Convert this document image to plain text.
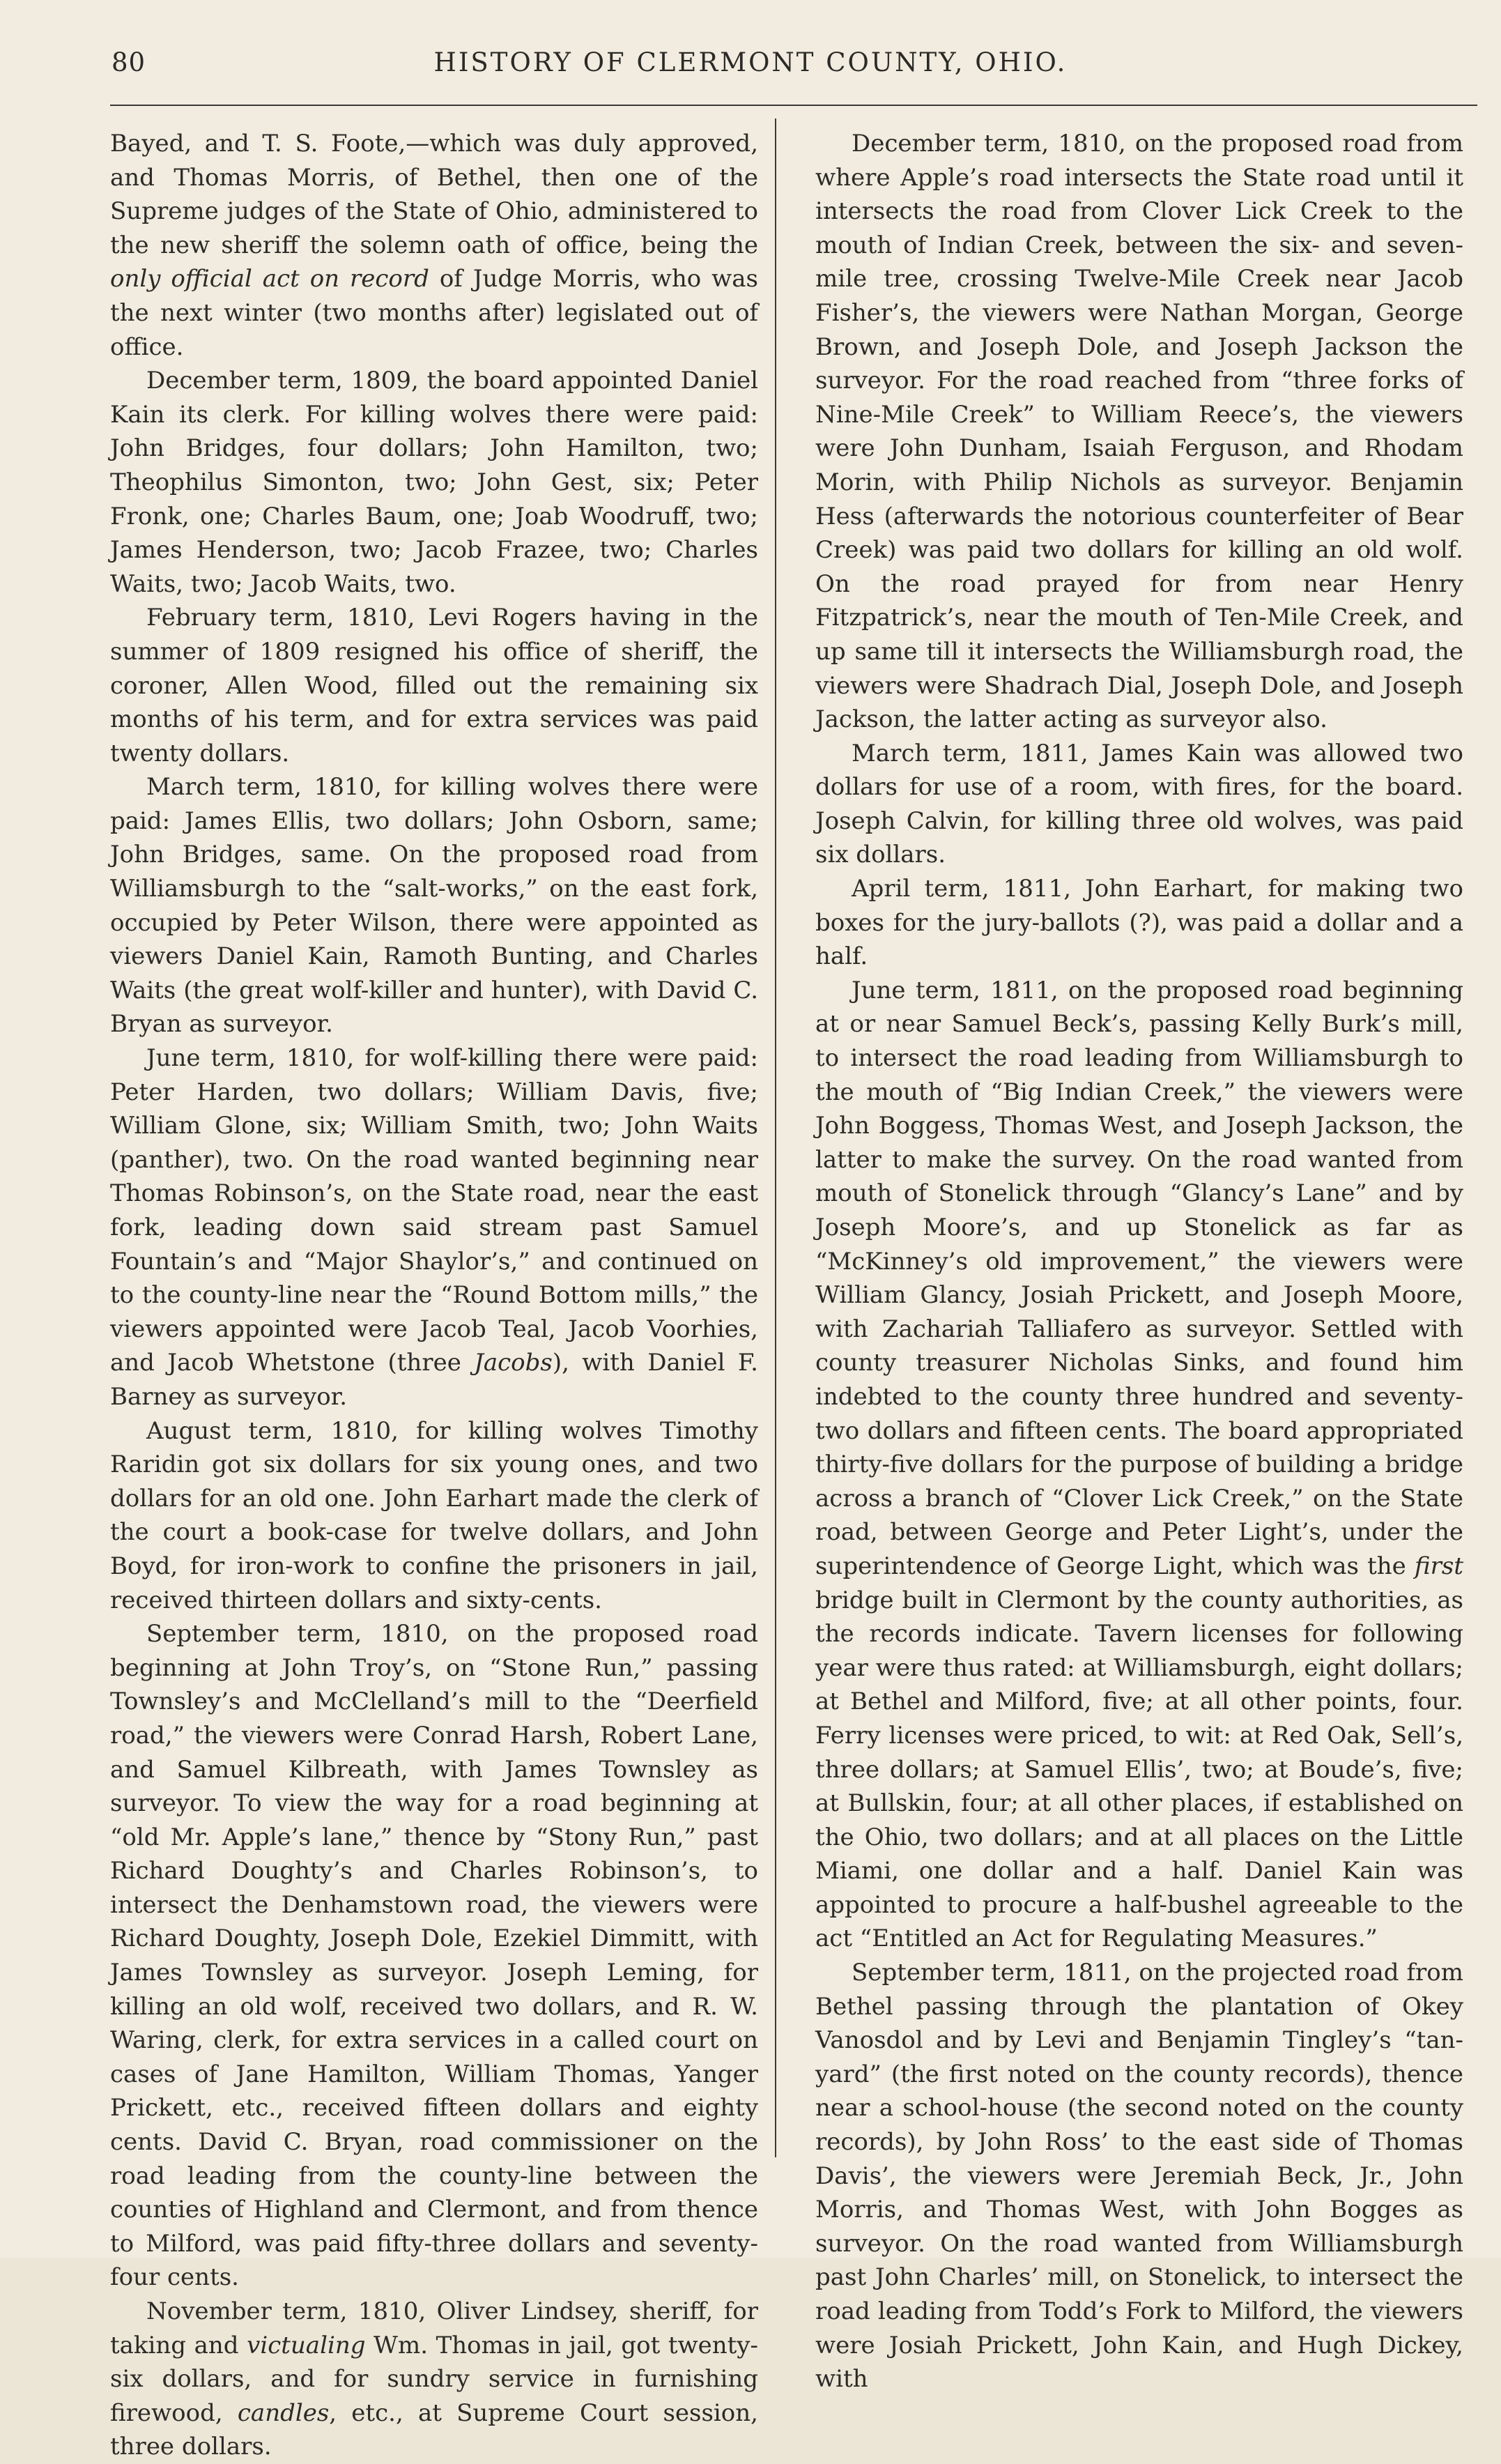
80	HISTORY OF CLERMONT COUNTY, OHIO.

Bayed, and T. S. Foote,—which was duly approved, and Thomas Morris, of Bethel, then one of the Supreme judges of the State of Ohio, administered to the new sheriff the solemn oath of office, being the only official act on record of Judge Morris, who was the next winter (two months after) legislated out of office.

December term, 1809, the board appointed Daniel Kain its clerk. For killing wolves there were paid: John Bridges, four dollars; John Hamilton, two; Theophilus Simonton, two; John Gest, six; Peter Fronk, one; Charles Baum, one; Joab Woodruff, two; James Henderson, two; Jacob Frazee, two; Charles Waits, two; Jacob Waits, two.

February term, 1810, Levi Rogers having in the summer of 1809 resigned his office of sheriff, the coroner, Allen Wood, filled out the remaining six months of his term, and for extra services was paid twenty dollars.

March term, 1810, for killing wolves there were paid: James Ellis, two dollars; John Osborn, same; John Bridges, same. On the proposed road from Williamsburgh to the “salt-works,” on the east fork, occupied by Peter Wilson, there were appointed as viewers Daniel Kain, Ramoth Bunting, and Charles Waits (the great wolf-killer and hunter), with David C. Bryan as surveyor.

June term, 1810, for wolf-killing there were paid: Peter Harden, two dollars; William Davis, five; William Glone, six; William Smith, two; John Waits (panther), two. On the road wanted beginning near Thomas Robinson’s, on the State road, near the east fork, leading down said stream past Samuel Fountain’s and “Major Shaylor’s,” and continued on to the county-line near the “Round Bottom mills,” the viewers appointed were Jacob Teal, Jacob Voorhies, and Jacob Whetstone (three Jacobs), with Daniel F. Barney as surveyor.

August term, 1810, for killing wolves Timothy Raridin got six dollars for six young ones, and two dollars for an old one. John Earhart made the clerk of the court a book-case for twelve dollars, and John Boyd, for iron-work to confine the prisoners in jail, received thirteen dollars and sixty-cents.

September term, 1810, on the proposed road beginning at John Troy’s, on “Stone Run,” passing Townsley’s and McClelland’s mill to the “Deerfield road,” the viewers were Conrad Harsh, Robert Lane, and Samuel Kilbreath, with James Townsley as surveyor. To view the way for a road beginning at “old Mr. Apple’s lane,” thence by “Stony Run,” past Richard Doughty’s and Charles Robinson’s, to intersect the Denhamstown road, the viewers were Richard Doughty, Joseph Dole, Ezekiel Dimmitt, with James Townsley as surveyor. Joseph Leming, for killing an old wolf, received two dollars, and R. W. Waring, clerk, for extra services in a called court on cases of Jane Hamilton, William Thomas, Yanger Prickett, etc., received fifteen dollars and eighty cents. David C. Bryan, road commissioner on the road leading from the county-line between the counties of Highland and Clermont, and from thence to Milford, was paid fifty-three dollars and seventy-four cents.

November term, 1810, Oliver Lindsey, sheriff, for taking and victualing Wm. Thomas in jail, got twenty-six dollars, and for sundry service in furnishing firewood, candles, etc., at Supreme Court session, three dollars.

December term, 1810, on the proposed road from where Apple’s road intersects the State road until it intersects the road from Clover Lick Creek to the mouth of Indian Creek, between the six- and seven-mile tree, crossing Twelve-Mile Creek near Jacob Fisher’s, the viewers were Nathan Morgan, George Brown, and Joseph Dole, and Joseph Jackson the surveyor. For the road reached from “three forks of Nine-Mile Creek” to William Reece’s, the viewers were John Dunham, Isaiah Ferguson, and Rhodam Morin, with Philip Nichols as surveyor. Benjamin Hess (afterwards the notorious counterfeiter of Bear Creek) was paid two dollars for killing an old wolf. On the road prayed for from near Henry Fitzpatrick’s, near the mouth of Ten-Mile Creek, and up same till it intersects the Williamsburgh road, the viewers were Shadrach Dial, Joseph Dole, and Joseph Jackson, the latter acting as surveyor also.

March term, 1811, James Kain was allowed two dollars for use of a room, with fires, for the board. Joseph Calvin, for killing three old wolves, was paid six dollars.

April term, 1811, John Earhart, for making two boxes for the jury-ballots (?), was paid a dollar and a half.

June term, 1811, on the proposed road beginning at or near Samuel Beck’s, passing Kelly Burk’s mill, to intersect the road leading from Williamsburgh to the mouth of “Big Indian Creek,” the viewers were John Boggess, Thomas West, and Joseph Jackson, the latter to make the survey. On the road wanted from mouth of Stonelick through “Glancy’s Lane” and by Joseph Moore’s, and up Stonelick as far as “McKinney’s old improvement,” the viewers were William Glancy, Josiah Prickett, and Joseph Moore, with Zachariah Talliafero as surveyor. Settled with county treasurer Nicholas Sinks, and found him indebted to the county three hundred and seventy-two dollars and fifteen cents. The board appropriated thirty-five dollars for the purpose of building a bridge across a branch of “Clover Lick Creek,” on the State road, between George and Peter Light’s, under the superintendence of George Light, which was the first bridge built in Clermont by the county authorities, as the records indicate. Tavern licenses for following year were thus rated: at Williamsburgh, eight dollars; at Bethel and Milford, five; at all other points, four. Ferry licenses were priced, to wit: at Red Oak, Sell’s, three dollars; at Samuel Ellis’, two; at Boude’s, five; at Bullskin, four; at all other places, if established on the Ohio, two dollars; and at all places on the Little Miami, one dollar and a half. Daniel Kain was appointed to procure a half-bushel agreeable to the act “Entitled an Act for Regulating Measures.”

September term, 1811, on the projected road from Bethel passing through the plantation of Okey Vanosdol and by Levi and Benjamin Tingley’s “tan-yard” (the first noted on the county records), thence near a school-house (the second noted on the county records), by John Ross’ to the east side of Thomas Davis’, the viewers were Jeremiah Beck, Jr., John Morris, and Thomas West, with John Bogges as surveyor. On the road wanted from Williamsburgh past John Charles’ mill, on Stonelick, to intersect the road leading from Todd’s Fork to Milford, the viewers were Josiah Prickett, John Kain, and Hugh Dickey, with
